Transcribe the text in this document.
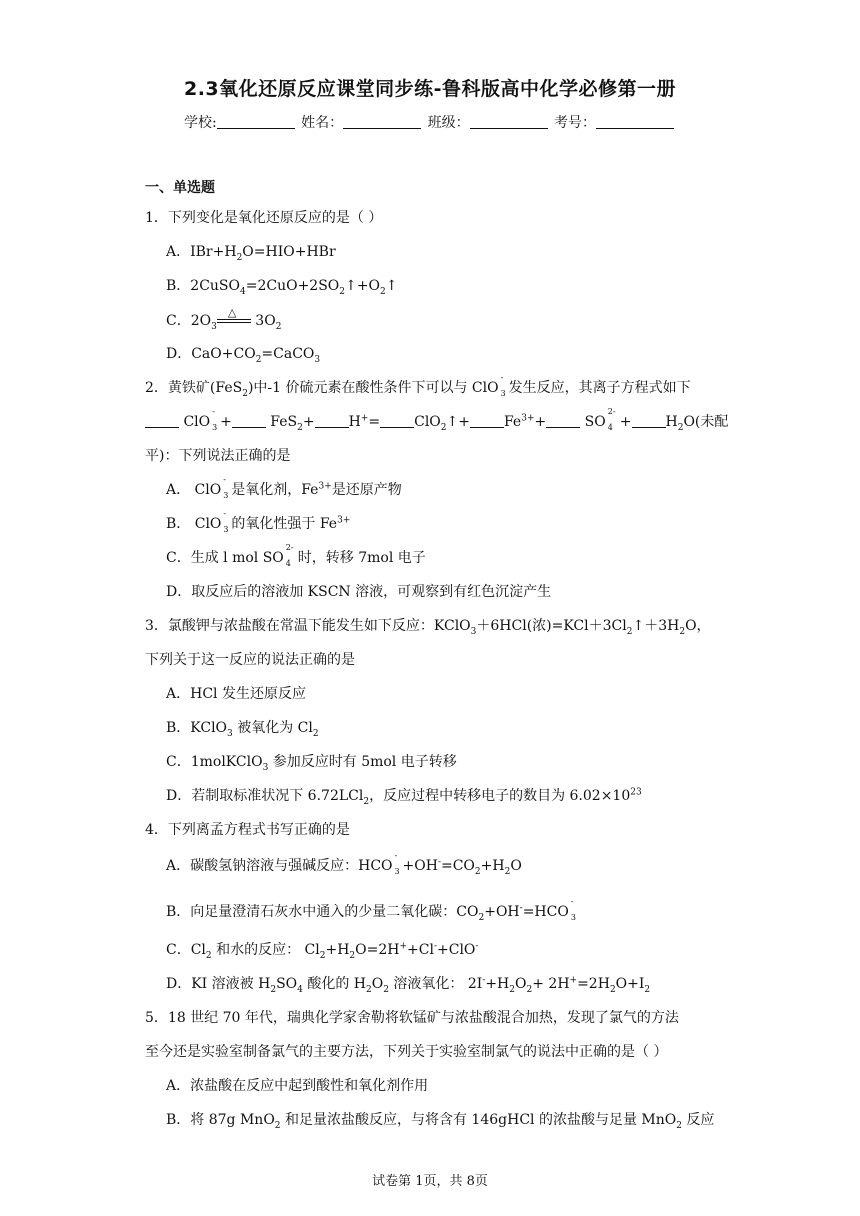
2.3氧化还原反应课堂同步练-鲁科版高中化学必修第一册
学校:	姓名：	班级：	考号：
一、单选题
1．下列变化是氧化还原反应的是（ ）
A．$IBr+H_2O=HIO+HBr$
B．$2CuSO_4=2CuO+2SO_2↑+O_2↑$
C．$2O_3$
△
$3O_2$
D．$CaO+CO_2=CaCO_3$
2．黄铁矿(FeS$_2$)中-1 价硫元素在酸性条件下可以与 ClO
-
3 发生反应，其离子方程式如下
ClO
-
3 + FeS$_2$+ H+= ClO$_2$↑+ $Fe^{3+}+$ SO
2-
$4 + H_2O$(未配
平)：下列说法正确的是
A． ClO
-
3 是氧化剂，$Fe^{3+}$是还原产物
B． ClO
-
3 的氧化性强于 $Fe^{3+}$
C．生成 l mol SO
2-
4 时，转移 7mol 电子
D．取反应后的溶液加 KSCN 溶液，可观察到有红色沉淀产生
3．氯酸钾与浓盐酸在常温下能发生如下反应：KClO$_3$＋6HCl(浓)$=KCl+3Cl_2↑+3H_2O$，
下列关于这一反应的说法正确的是
A．HCl 发生还原反应
B．KClO$_3$ 被氧化为 $Cl_2$
C．1molKClO$_3$ 参加反应时有 5mol 电子转移
D．若制取标准状况下 6.72LCl$_2$，反应过程中转移电子的数目为 $6.02\times 10^{23}$
4．下列离孟方程式书写正确的是
A．碳酸氢钠溶液与强碱反应：HCO
-
$3 +OH^-=CO_2+H_2O$
B．向足量澄清石灰水中通入的少量二氧化碳：$CO_2+OH^-=HCO$
-
3
C．$Cl_2$ 和水的反应： $Cl_2+H_2O=2H^++Cl^-+ClO^-$
D．KI 溶液被 $H_2SO_4$ 酸化的 $H_2O_2$ 溶液氧化： $2I^-+H_2O_2+ 2H^+=2H_2O+I_2$
5．18 世纪 70 年代，瑞典化学家舍勒将软锰矿与浓盐酸混合加热，发现了氯气的方法
至今还是实验室制备氯气的主要方法，下列关于实验室制氯气的说法中正确的是（ ）
A．浓盐酸在反应中起到酸性和氧化剂作用
B．将 87g MnO$_2$ 和足量浓盐酸反应，与将含有 146gHCl 的浓盐酸与足量 MnO$_2$ 反应
试卷第 1页，共 8页
